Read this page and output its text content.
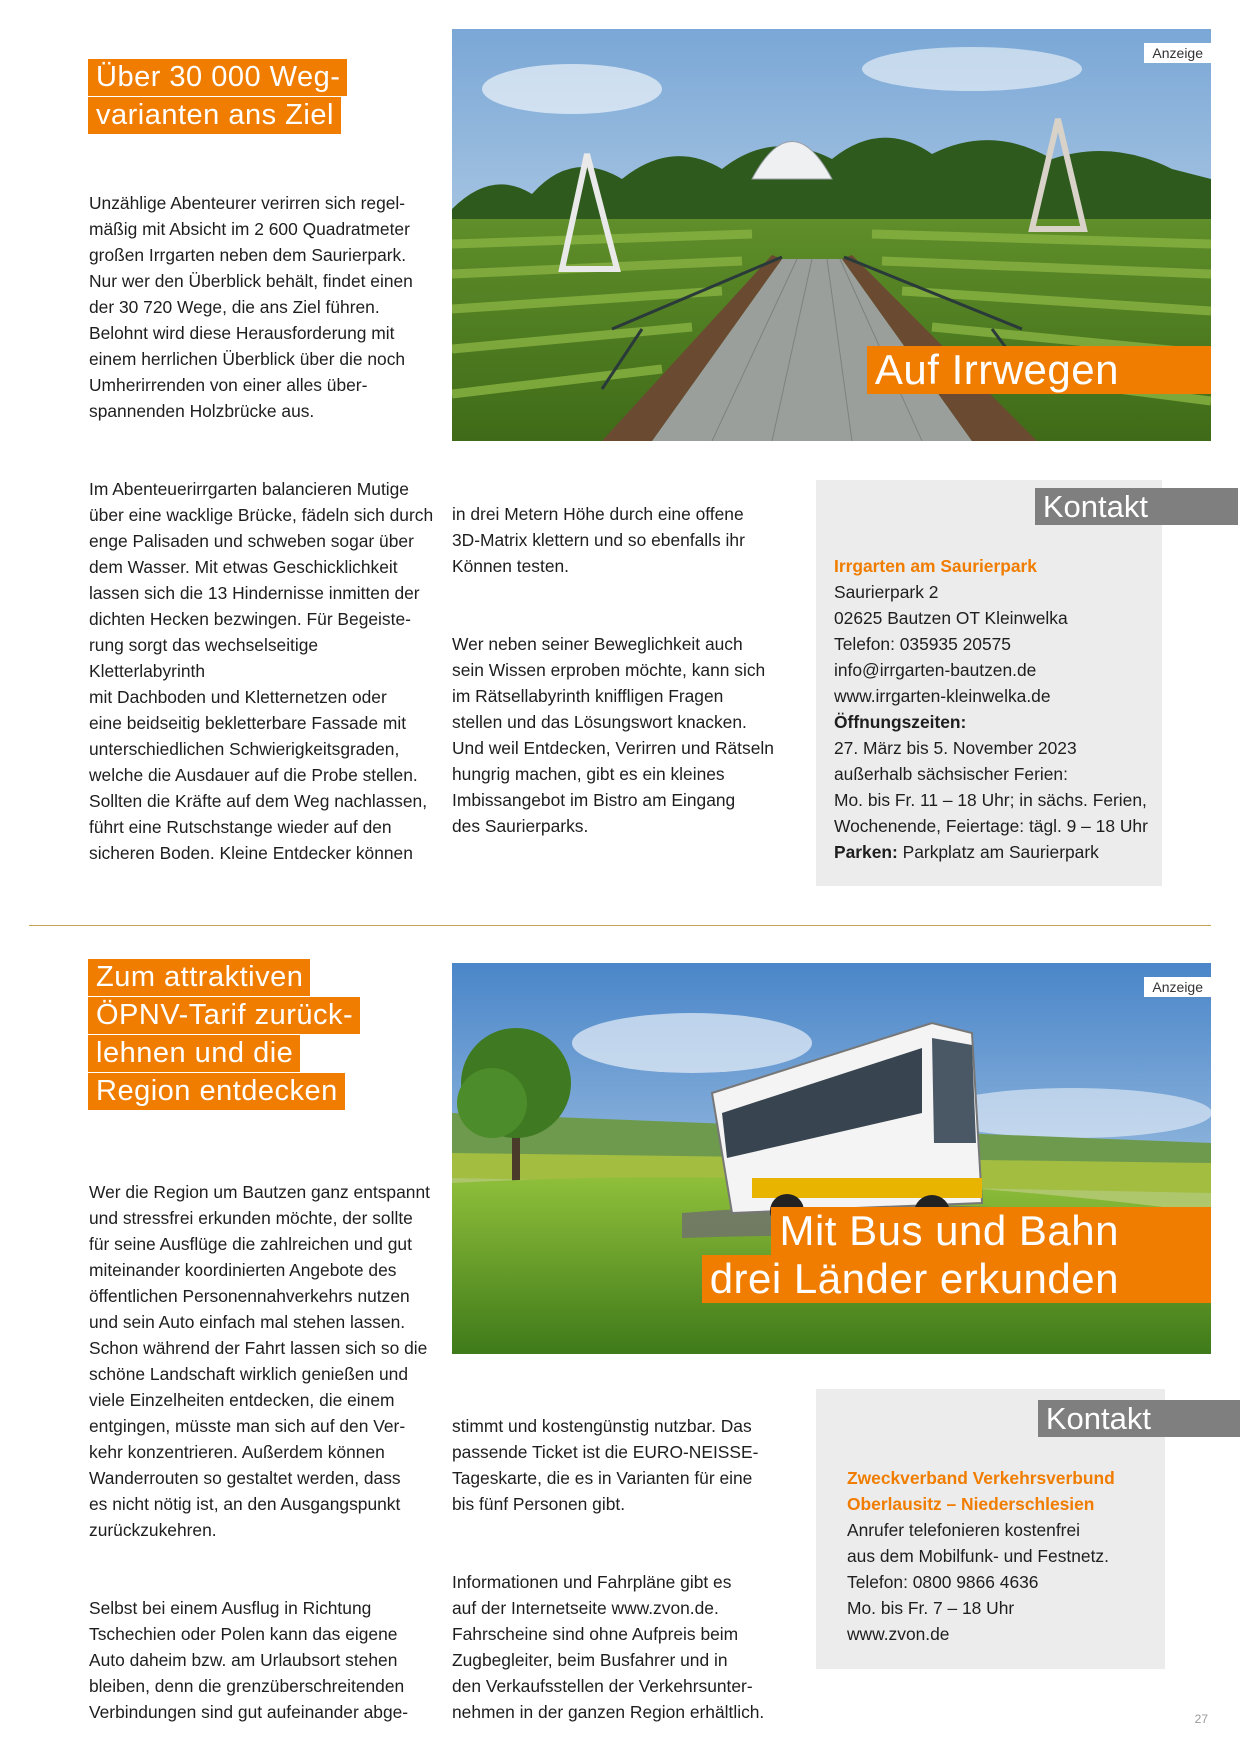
Über 30 000 Weg-
varianten ans Ziel

Unzählige Abenteurer verirren sich regel-
mäßig mit Absicht im 2 600 Quadratmeter
großen Irrgarten neben dem Saurierpark.
Nur wer den Überblick behält, findet einen
der 30 720 Wege, die ans Ziel führen.
Belohnt wird diese Herausforderung mit
einem herrlichen Überblick über die noch
Umherirrenden von einer alles über-
spannenden Holzbrücke aus.

Im Abenteuerirrgarten balancieren Mutige
über eine wacklige Brücke, fädeln sich durch
enge Palisaden und schweben sogar über
dem Wasser. Mit etwas Geschicklichkeit
lassen sich die 13 Hindernisse inmitten der
dichten Hecken bezwingen. Für Begeiste-
rung sorgt das wechselseitige Kletterlabyrinth
mit Dachboden und Kletternetzen oder
eine beidseitig bekletterbare Fassade mit
unterschiedlichen Schwierigkeitsgraden,
welche die Ausdauer auf die Probe stellen.
Sollten die Kräfte auf dem Weg nachlassen,
führt eine Rutschstange wieder auf den
sicheren Boden. Kleine Entdecker können

Anzeige
Auf Irrwegen

in drei Metern Höhe durch eine offene
3D-Matrix klettern und so ebenfalls ihr
Können testen.

Wer neben seiner Beweglichkeit auch
sein Wissen erproben möchte, kann sich
im Rätsellabyrinth kniffligen Fragen
stellen und das Lösungswort knacken.
Und weil Entdecken, Verirren und Rätseln
hungrig machen, gibt es ein kleines
Imbissangebot im Bistro am Eingang
des Saurierparks.

Kontakt
Irrgarten am Saurierpark
Saurierpark 2
02625 Bautzen OT Kleinwelka
Telefon: 035935 20575
info@irrgarten-bautzen.de
www.irrgarten-kleinwelka.de
Öffnungszeiten:
27. März bis 5. November 2023
außerhalb sächsischer Ferien:
Mo. bis Fr. 11 – 18 Uhr; in sächs. Ferien,
Wochenende, Feiertage: tägl. 9 – 18 Uhr
Parken: Parkplatz am Saurierpark
Zum attraktiven
ÖPNV-Tarif zurück-
lehnen und die
Region entdecken

Wer die Region um Bautzen ganz entspannt
und stressfrei erkunden möchte, der sollte
für seine Ausflüge die zahlreichen und gut
miteinander koordinierten Angebote des
öffentlichen Personennahverkehrs nutzen
und sein Auto einfach mal stehen lassen.
Schon während der Fahrt lassen sich so die
schöne Landschaft wirklich genießen und
viele Einzelheiten entdecken, die einem
entgingen, müsste man sich auf den Ver-
kehr konzentrieren. Außerdem können
Wanderrouten so gestaltet werden, dass
es nicht nötig ist, an den Ausgangspunkt
zurückzukehren.

Selbst bei einem Ausflug in Richtung
Tschechien oder Polen kann das eigene
Auto daheim bzw. am Urlaubsort stehen
bleiben, denn die grenzüberschreitenden
Verbindungen sind gut aufeinander abge-

Anzeige
Mit Bus und Bahn
drei Länder erkunden

stimmt und kostengünstig nutzbar. Das
passende Ticket ist die EURO-NEISSE-
Tageskarte, die es in Varianten für eine
bis fünf Personen gibt.

Informationen und Fahrpläne gibt es
auf der Internetseite www.zvon.de.
Fahrscheine sind ohne Aufpreis beim
Zugbegleiter, beim Busfahrer und in
den Verkaufsstellen der Verkehrsunter-
nehmen in der ganzen Region erhältlich.

Kontakt
Zweckverband Verkehrsverbund
Oberlausitz – Niederschlesien
Anrufer telefonieren kostenfrei
aus dem Mobilfunk- und Festnetz.
Telefon: 0800 9866 4636
Mo. bis Fr. 7 – 18 Uhr
www.zvon.de
27
